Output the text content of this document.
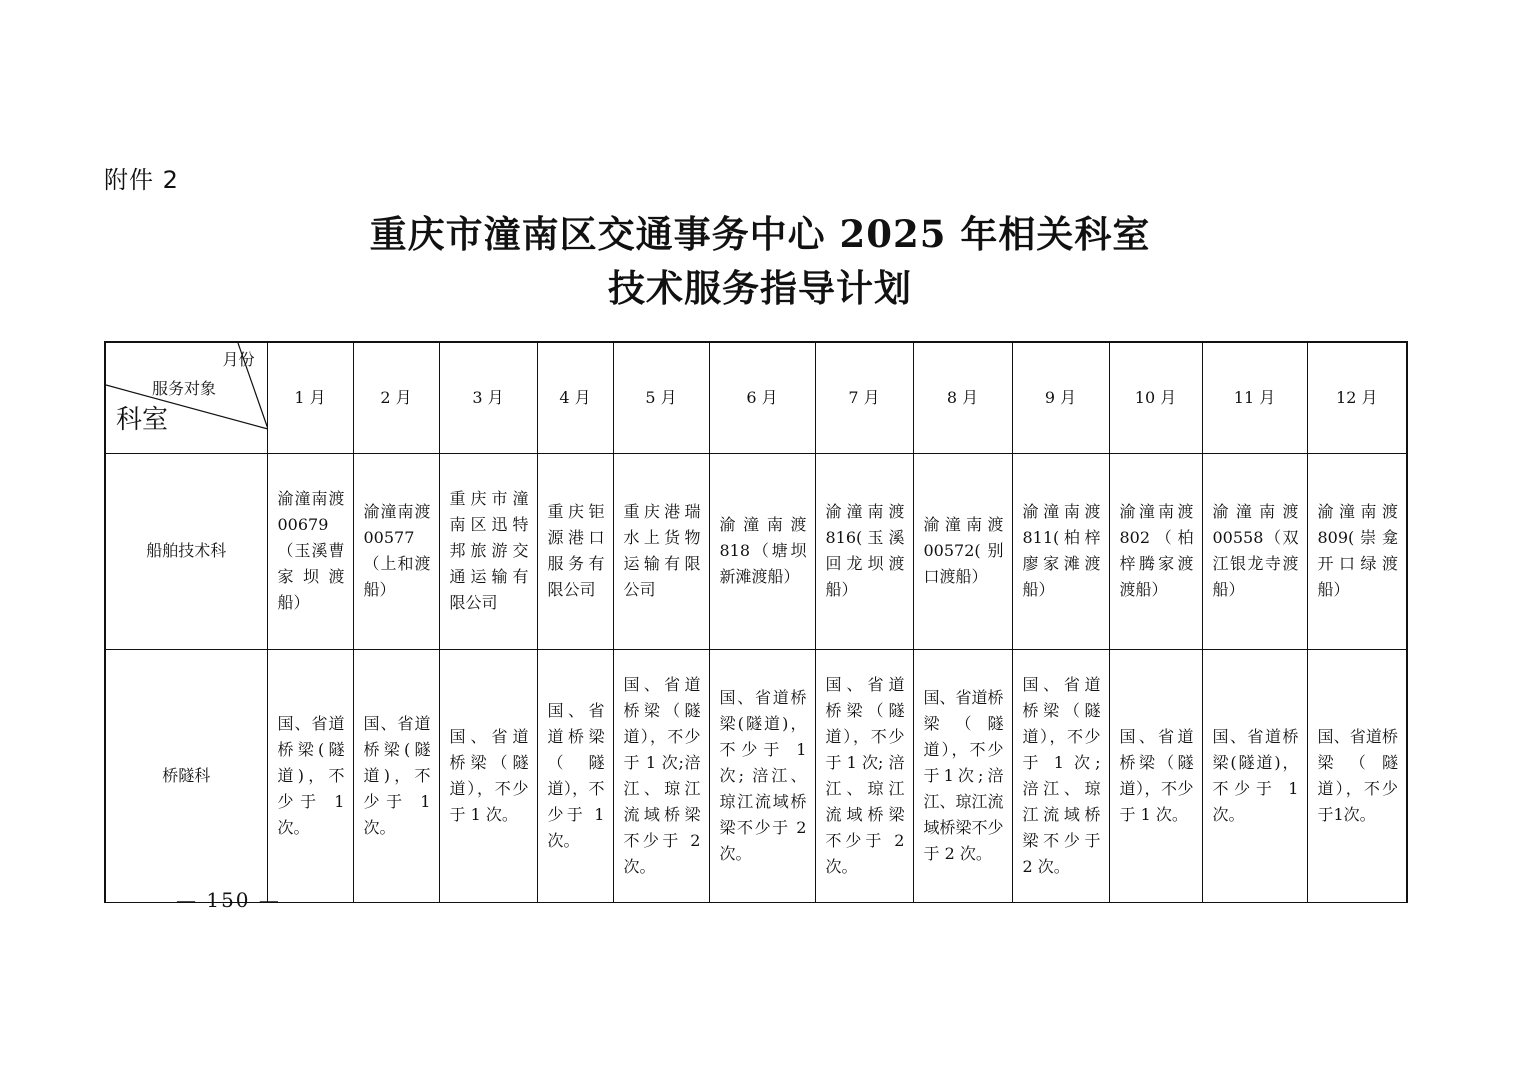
附件 2
重庆市潼南区交通事务中心 2025 年相关科室
技术服务指导计划
月份
服务对象
科室	1 月	2 月	3 月	4 月	5 月	6 月	7 月	8 月	9 月	10 月	11 月	12 月
船舶技术科	渝潼南渡00679（玉溪曹家坝渡船）	渝潼南渡00577（上和渡船）	重庆市潼南区迅特邦旅游交通运输有限公司	重庆钜源港口服务有限公司	重庆港瑞水上货物运输有限公司	渝潼南渡818（塘坝新滩渡船）	渝潼南渡816(玉溪回龙坝渡船）	渝潼南渡00572(别口渡船）	渝潼南渡811(柏梓廖家滩渡船）	渝潼南渡 802（柏梓腾家渡渡船）	渝潼南渡00558（双江银龙寺渡船）	渝潼南渡809(崇龛开口绿渡船）

桥隧科	国、省道桥梁(隧道)，不少于 1 次。	国、省道桥梁(隧道)，不少于 1 次。	国、省道桥梁（隧道），不少于 1 次。	国、省道桥梁（隧道），不少于 1 次。	国、省道桥梁（隧道），不少于 1 次;涪江、琼江流域桥梁不少于 2 次。	国、省道桥梁(隧道)，不少于 1 次; 涪江、琼江流域桥梁不少于 2 次。	国、省道桥梁（隧道），不少于 1 次; 涪江、琼江流域桥梁不少于 2 次。	国、省道桥梁（隧道），不少于1次;涪江、琼江流域桥梁不少于 2 次。	国、省道桥梁（隧道），不少于 1 次; 涪江、琼江流域桥梁不少于 2 次。	国、省道桥梁（隧道），不少于 1 次。	国、省道桥梁(隧道)，不少于 1 次。	国、省道桥梁（隧道），不少于1次。
— 150 —
